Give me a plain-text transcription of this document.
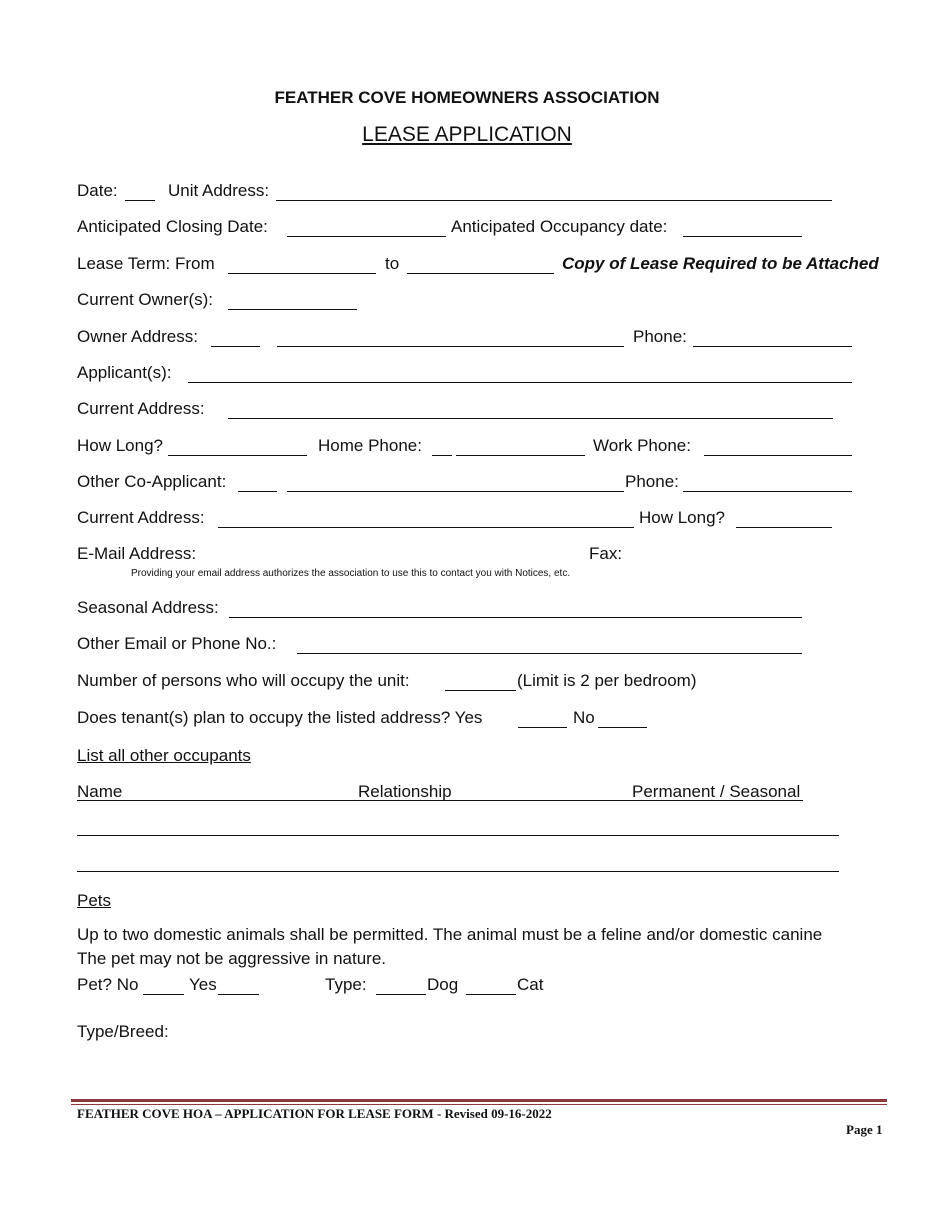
FEATHER COVE HOMEOWNERS ASSOCIATION
LEASE APPLICATION
Date:	Unit Address:
Anticipated Closing Date:	Anticipated Occupancy date:
Lease Term: From	to	Copy of Lease Required to be Attached
Current Owner(s):
Owner Address:	Phone:
Applicant(s):
Current Address:
How Long?	Home Phone:	Work Phone:
Other Co-Applicant:	Phone:
Current Address:	How Long?
E-Mail Address:	Fax:
Providing your email address authorizes the association to use this to contact you with Notices, etc.
Seasonal Address:
Other Email or Phone No.:
Number of persons who will occupy the unit:	(Limit is 2 per bedroom)
Does tenant(s) plan to occupy the listed address? Yes	No
List all other occupants
Name	Relationship	Permanent / Seasonal
Pets
Up to two domestic animals shall be permitted. The animal must be a feline and/or domestic canine
The pet may not be aggressive in nature.
Pet? No	Yes	Type:	Dog	Cat
Type/Breed:
FEATHER COVE HOA – APPLICATION FOR LEASE FORM - Revised 09-16-2022
Page 1
